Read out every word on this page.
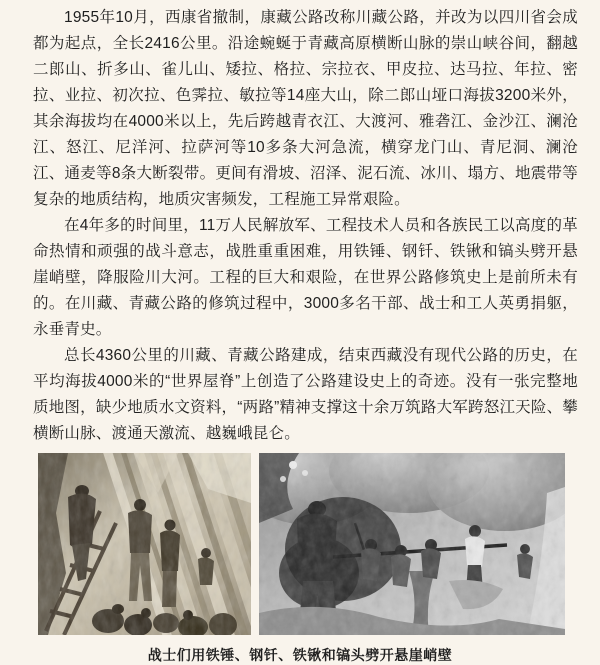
1955年10月，西康省撤制，康藏公路改称川藏公路，并改为以四川省会成都为起点，全长2416公里。沿途蜿蜒于青藏高原横断山脉的崇山峡谷间，翻越二郎山、折多山、雀儿山、矮拉、格拉、宗拉衣、甲皮拉、达马拉、年拉、密拉、业拉、初次拉、色霁拉、敏拉等14座大山，除二郎山垭口海拔3200米外，其余海拔均在4000米以上，先后跨越青衣江、大渡河、雅砻江、金沙江、澜沧江、怒江、尼洋河、拉萨河等10多条大河急流，横穿龙门山、青尼洞、澜沧江、通麦等8条大断裂带。更间有滑坡、沼泽、泥石流、冰川、塌方、地震带等复杂的地质结构，地质灾害频发，工程施工异常艰险。

在4年多的时间里，11万人民解放军、工程技术人员和各族民工以高度的革命热情和顽强的战斗意志，战胜重重困难，用铁锤、钢钎、铁锹和镐头劈开悬崖峭壁，降服险川大河。工程的巨大和艰险，在世界公路修筑史上是前所未有的。在川藏、青藏公路的修筑过程中，3000多名干部、战士和工人英勇捐躯，永垂青史。

总长4360公里的川藏、青藏公路建成，结束西藏没有现代公路的历史，在平均海拔4000米的“世界屋脊”上创造了公路建设史上的奇迹。没有一张完整地质地图，缺少地质水文资料，“两路”精神支撑这十余万筑路大军跨怒江天险、攀横断山脉、渡通天激流、越巍峨昆仑。

战士们用铁锤、钢钎、铁锹和镐头劈开悬崖峭壁
